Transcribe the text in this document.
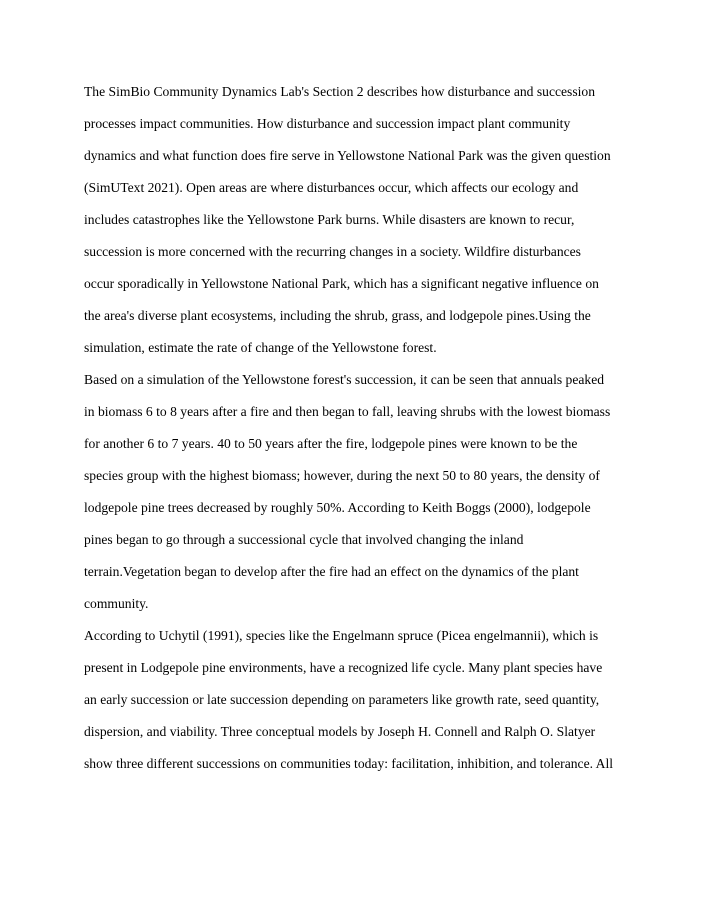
The SimBio Community Dynamics Lab's Section 2 describes how disturbance and succession

processes impact communities. How disturbance and succession impact plant community

dynamics and what function does fire serve in Yellowstone National Park was the given question

(SimUText 2021). Open areas are where disturbances occur, which affects our ecology and

includes catastrophes like the Yellowstone Park burns. While disasters are known to recur,

succession is more concerned with the recurring changes in a society. Wildfire disturbances

occur sporadically in Yellowstone National Park, which has a significant negative influence on

the area's diverse plant ecosystems, including the shrub, grass, and lodgepole pines.Using the

simulation, estimate the rate of change of the Yellowstone forest.

Based on a simulation of the Yellowstone forest's succession, it can be seen that annuals peaked

in biomass 6 to 8 years after a fire and then began to fall, leaving shrubs with the lowest biomass

for another 6 to 7 years. 40 to 50 years after the fire, lodgepole pines were known to be the

species group with the highest biomass; however, during the next 50 to 80 years, the density of

lodgepole pine trees decreased by roughly 50%. According to Keith Boggs (2000), lodgepole

pines began to go through a successional cycle that involved changing the inland

terrain.Vegetation began to develop after the fire had an effect on the dynamics of the plant

community.

According to Uchytil (1991), species like the Engelmann spruce (Picea engelmannii), which is

present in Lodgepole pine environments, have a recognized life cycle. Many plant species have

an early succession or late succession depending on parameters like growth rate, seed quantity,

dispersion, and viability. Three conceptual models by Joseph H. Connell and Ralph O. Slatyer

show three different successions on communities today: facilitation, inhibition, and tolerance. All
